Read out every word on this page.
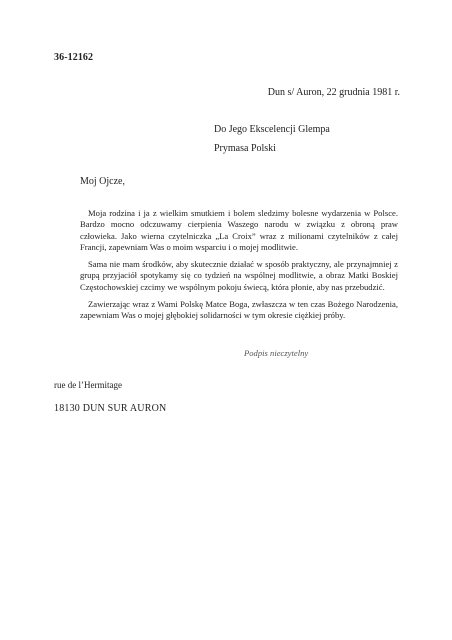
36-12162
Dun s/ Auron, 22 grudnia 1981 r.
Do Jego Ekscelencji Glempa
Prymasa Polski
Moj Ojcze,

Moja rodzina i ja z wielkim smutkiem i bolem sledzimy bolesne wydarzenia w Polsce. Bardzo mocno odczuwamy cierpienia Waszego narodu w związku z obroną praw człowieka. Jako wierna czytelniczka „La Croix” wraz z milionami czytelników z całej Francji, zapewniam Was o moim wsparciu i o mojej modlitwie.

Sama nie mam środków, aby skutecznie działać w sposób praktyczny, ale przynajmniej z grupą przyjaciół spotykamy się co tydzień na wspólnej modlitwie, a obraz Matki Boskiej Częstochowskiej czcimy we wspólnym pokoju świecą, która płonie, aby nas przebudzić.

Zawierzając wraz z Wami Polskę Matce Boga, zwłaszcza w ten czas Bożego Narodzenia, zapewniam Was o mojej głębokiej solidarności w tym okresie ciężkiej próby.

Podpis nieczytelny
rue de l’Hermitage
18130 DUN SUR AURON
